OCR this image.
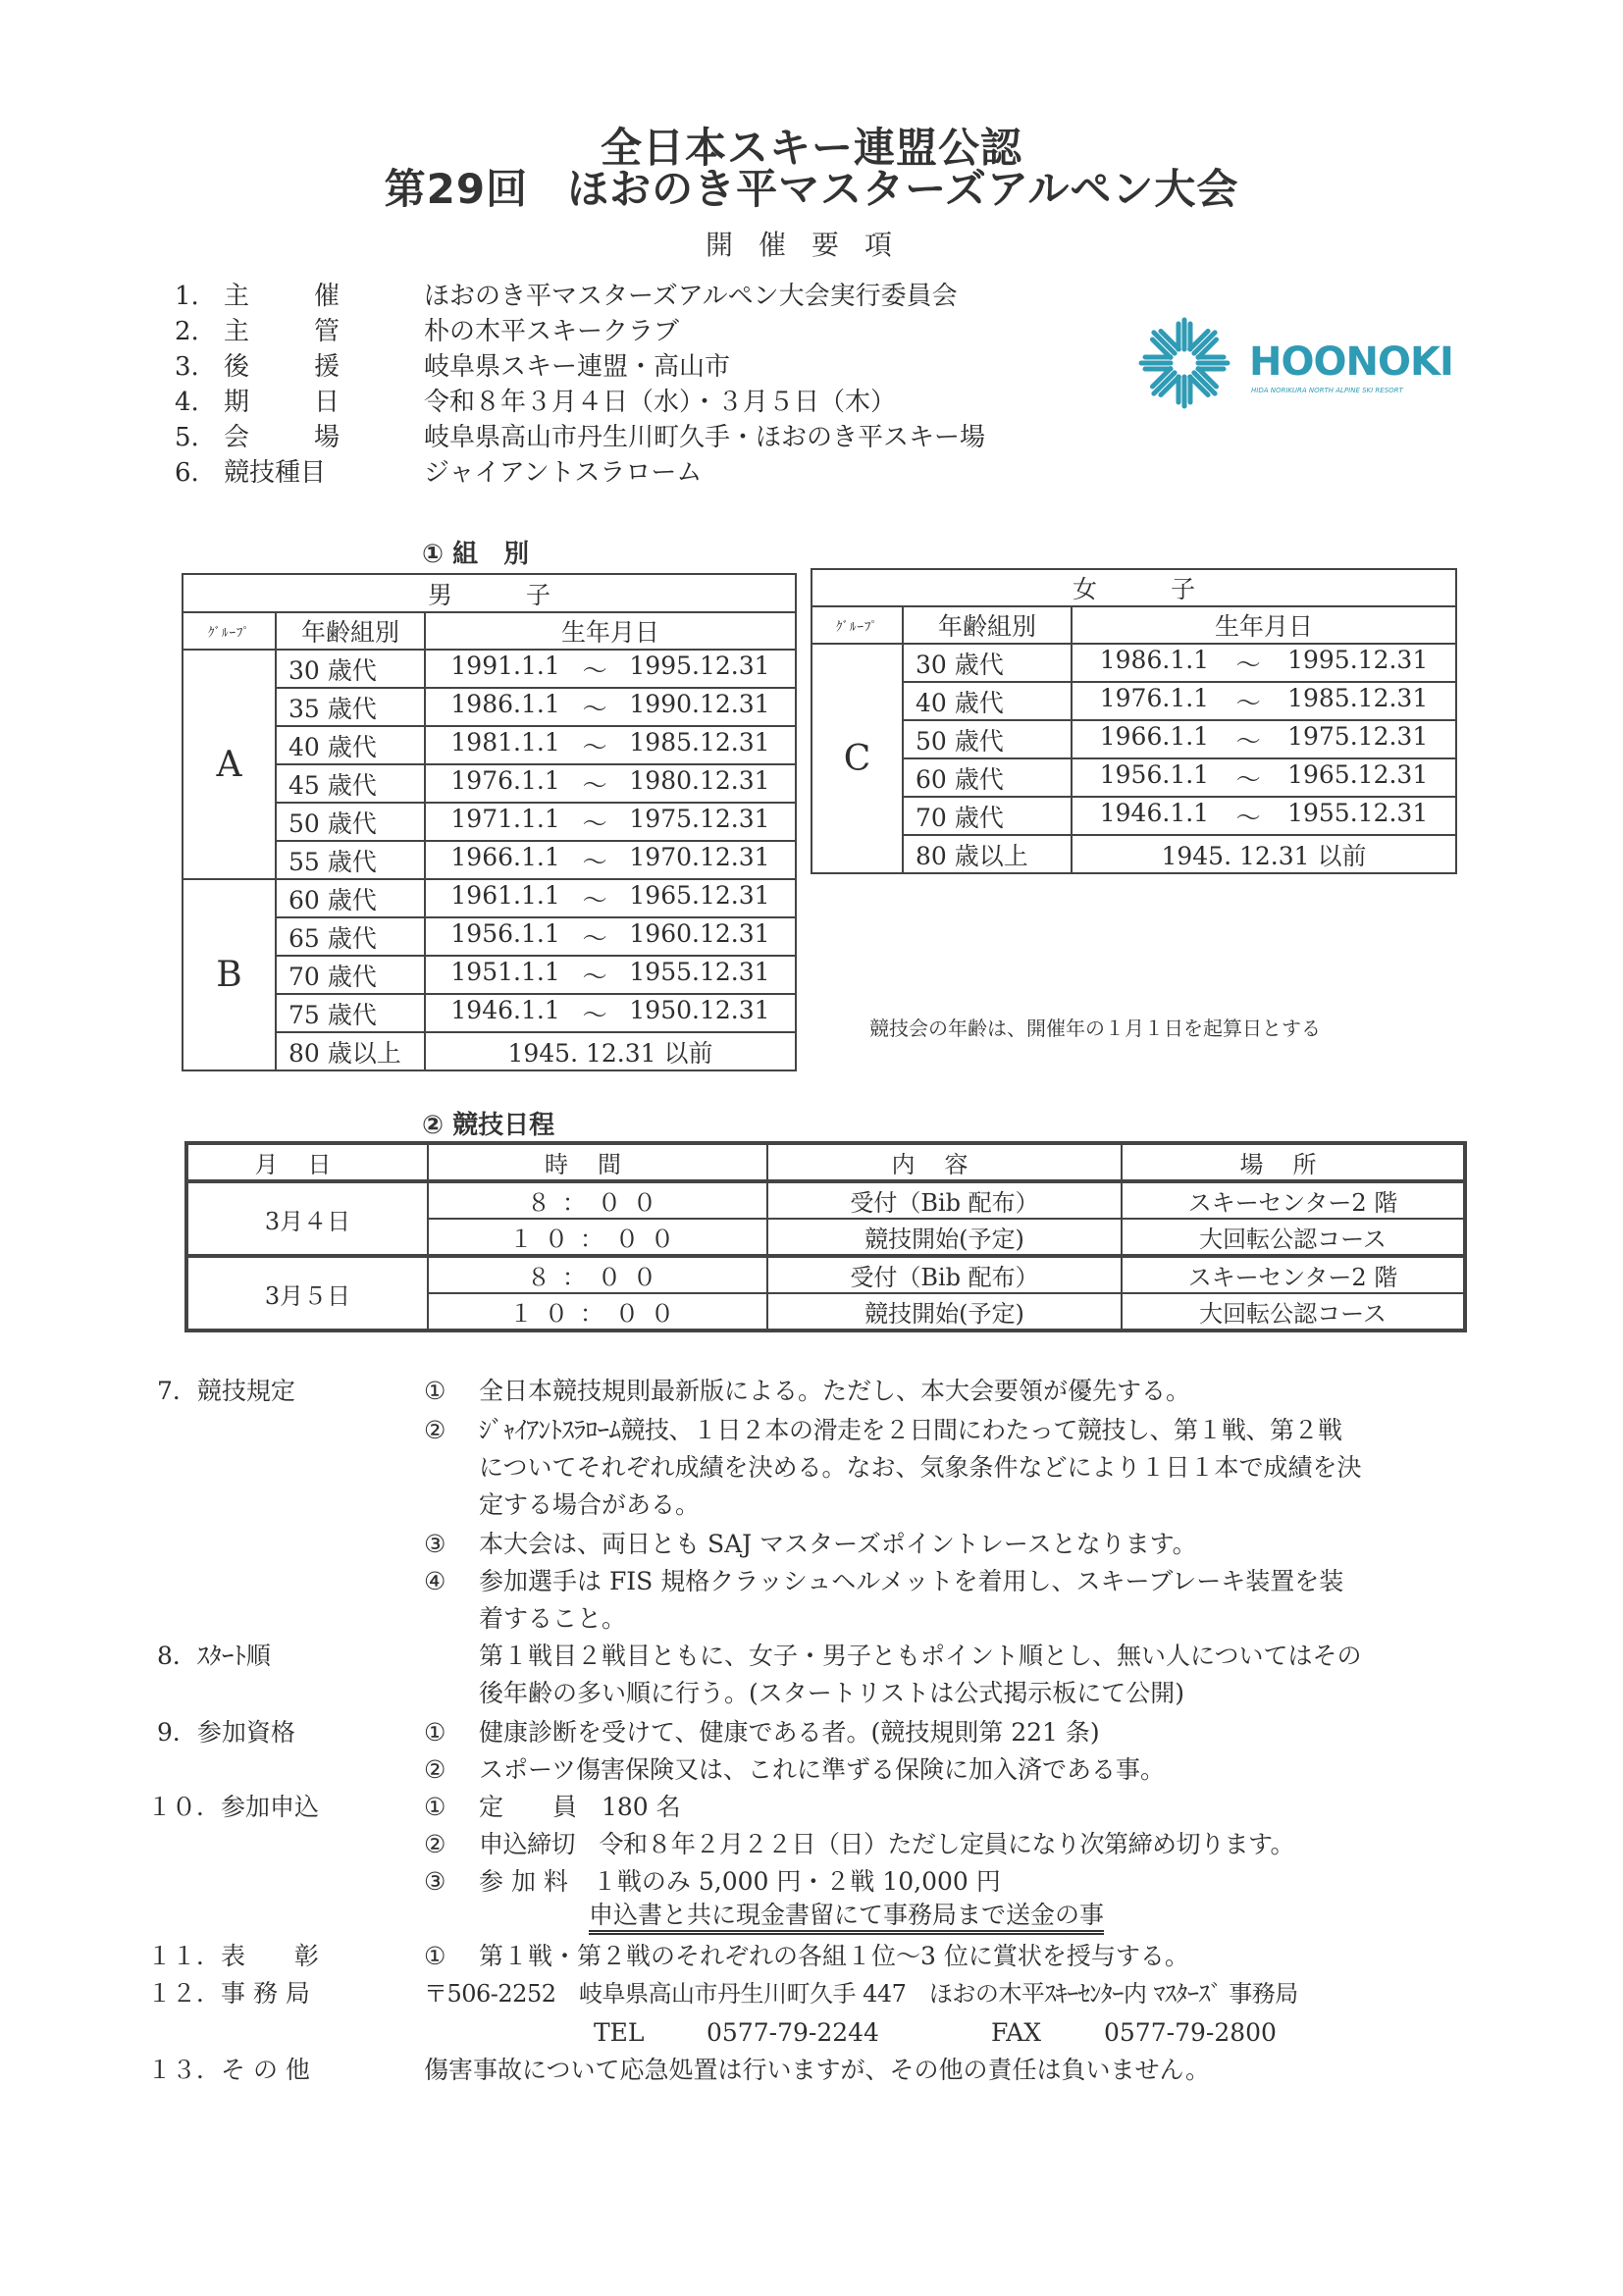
全日本スキー連盟公認
第29回 ほおのき平マスターズアルペン大会
開催要項
1. 主	催	ほおのき平マスターズアルペン大会実行委員会
2. 主	管	朴の木平スキークラブ
3. 後	援	岐阜県スキー連盟・高山市
4. 期	日	令和８年３月４日（水）・３月５日（木）
5. 会	場	岐阜県高山市丹生川町久手・ほおのき平スキー場
6. 競技種目	ジャイアントスラローム
HOONOKI
HIDA NORIKURA NORTH ALPINE SKI RESORT
① 組　別
男　　　子		
ｸﾞﾙｰﾌﾟ	年齢組別	生年月日
A	30 歳代	1991.1.1 ～ 1995.12.31

	35 歳代	1986.1.1 ～ 1990.12.31

	40 歳代	1981.1.1 ～ 1985.12.31

	45 歳代	1976.1.1 ～ 1980.12.31

	50 歳代	1971.1.1 ～ 1975.12.31

	55 歳代	1966.1.1 ～ 1970.12.31

B	60 歳代	1961.1.1 ～ 1965.12.31

	65 歳代	1956.1.1 ～ 1960.12.31

	70 歳代	1951.1.1 ～ 1955.12.31

	75 歳代	1946.1.1 ～ 1950.12.31

	80 歳以上	1945. 12.31 以前
女　　　子		
ｸﾞﾙｰﾌﾟ	年齢組別	生年月日
C	30 歳代	1986.1.1 ～ 1995.12.31

	40 歳代	1976.1.1 ～ 1985.12.31

	50 歳代	1966.1.1 ～ 1975.12.31

	60 歳代	1956.1.1 ～ 1965.12.31

	70 歳代	1946.1.1 ～ 1955.12.31

	80 歳以上	1945. 12.31 以前
競技会の年齢は、開催年の１月１日を起算日とする
② 競技日程
月日	時間	内容	場所
3月４日	８：００	受付（Bib 配布）	スキーセンター2 階
	１０：００	競技開始(予定)	大回転公認コース
3月５日	８：００	受付（Bib 配布）	スキーセンター2 階
	１０：００	競技開始(予定)	大回転公認コース
7．競技規定	① 全日本競技規則最新版による。ただし、本大会要領が優先する。
② ｼﾞｬｲｱﾝﾄｽﾗﾛｰﾑ競技、１日２本の滑走を２日間にわたって競技し、第１戦、第２戦
についてそれぞれ成績を決める。なお、気象条件などにより１日１本で成績を決
定する場合がある。
③ 本大会は、両日とも SAJ マスターズポイントレースとなります。
④ 参加選手は FIS 規格クラッシュヘルメットを着用し、スキーブレーキ装置を装
着すること。
8．ｽﾀｰﾄ順	第１戦目２戦目ともに、女子・男子ともポイント順とし、無い人についてはその
後年齢の多い順に行う。(スタートリストは公式掲示板にて公開)
9．参加資格	① 健康診断を受けて、健康である者。(競技規則第 221 条)
② スポーツ傷害保険又は、これに準ずる保険に加入済である事。
１０．参加申込	① 定　　員　180 名
② 申込締切　令和８年２月２２日（日）ただし定員になり次第締め切ります。
③ 参 加 料　１戦のみ 5,000 円・２戦 10,000 円
申込書と共に現金書留にて事務局まで送金の事
１１．表　　彰	① 第１戦・第２戦のそれぞれの各組１位～3 位に賞状を授与する。
１２．事 務 局	〒506-2252　岐阜県高山市丹生川町久手 447　ほおの木平ｽｷｰｾﾝﾀｰ内 ﾏｽﾀｰｽﾞ 事務局
TEL	0577-79-2244	FAX	0577-79-2800
１３．そ の 他	傷害事故について応急処置は行いますが、その他の責任は負いません。
